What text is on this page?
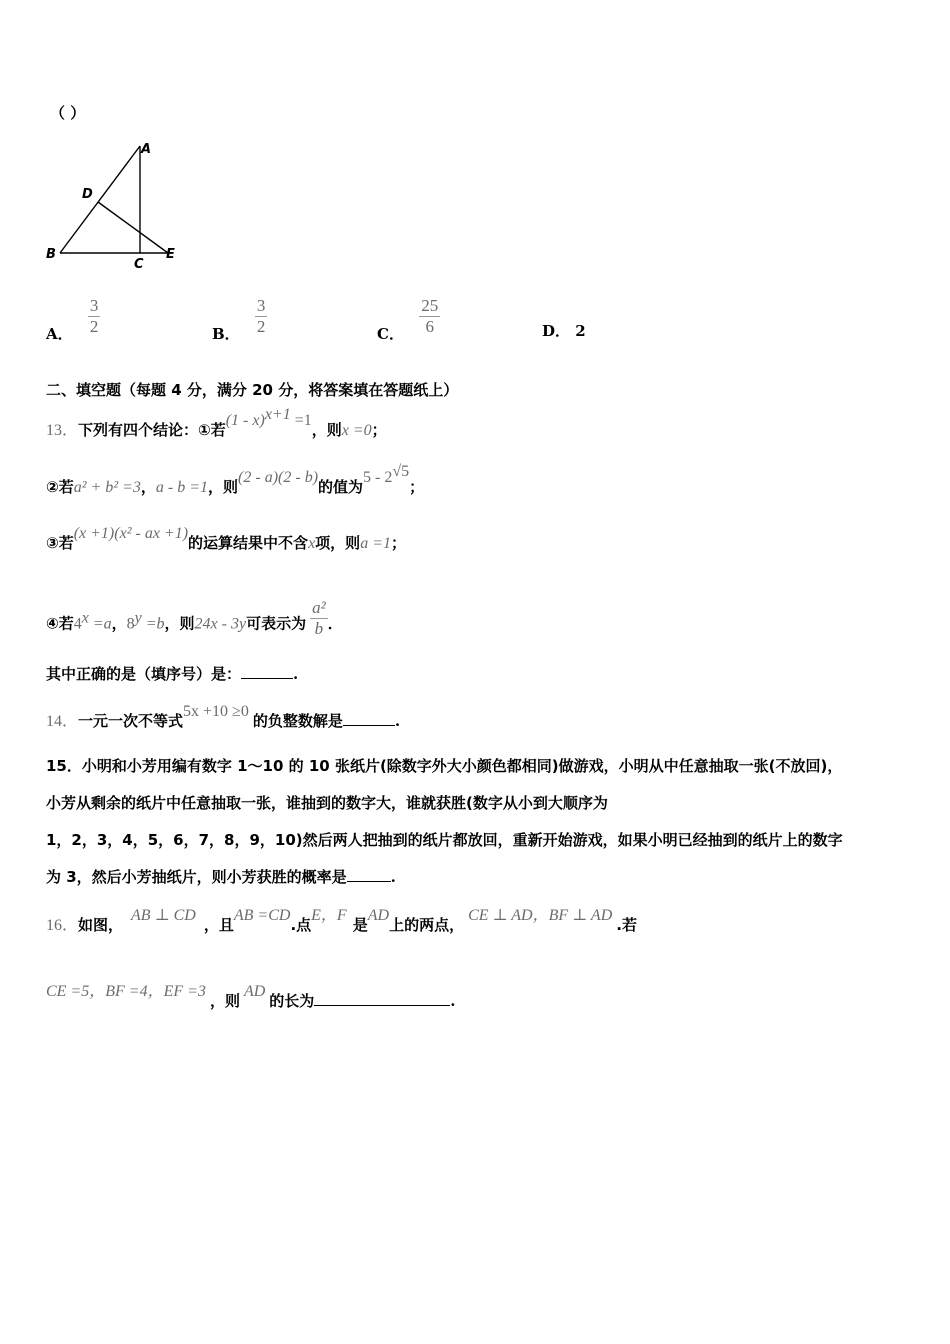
（ ）
A
D
B
C
E
A． $\frac{3}{2}$	B． $\frac{3}{2}$	C． $\frac{25}{6}$	D． 2
二、填空题（每题 4 分，满分 20 分，将答案填在答题纸上）
13．下列有四个结论：①若(1 - x)$^{x+1}$ =1，则x =0；
②若a² + b² =3，a - b =1，则(2 - a)(2 - b)的值为$5 - 2^{√5}$；
③若(x +1)(x² - ax +1)的运算结果中不含x项，则a =1；
④若$4^x =a$，$8^y =b$，则24x - 3y可表示为 $\frac{\text{a²}}{b}$ ．
其中正确的是（填序号）是：	.
14．一元一次不等式5x +10 ≥0的负整数解是	.
15．小明和小芳用编有数字 1～10 的 10 张纸片(除数字外大小颜色都相同)做游戏，小明从中任意抽取一张(不放回)，
小芳从剩余的纸片中任意抽取一张，谁抽到的数字大，谁就获胜(数字从小到大顺序为
1，2，3，4，5，6，7，8，9，10)然后两人把抽到的纸片都放回，重新开始游戏，如果小明已经抽到的纸片上的数字
为 3，然后小芳抽纸片，则小芳获胜的概率是	.
16．如图，AB ⊥ CD，且AB =CD.点E，F是AD上的两点，CE ⊥ AD，BF ⊥ AD.若
CE =5，BF =4，EF =3，则AD的长为	.
